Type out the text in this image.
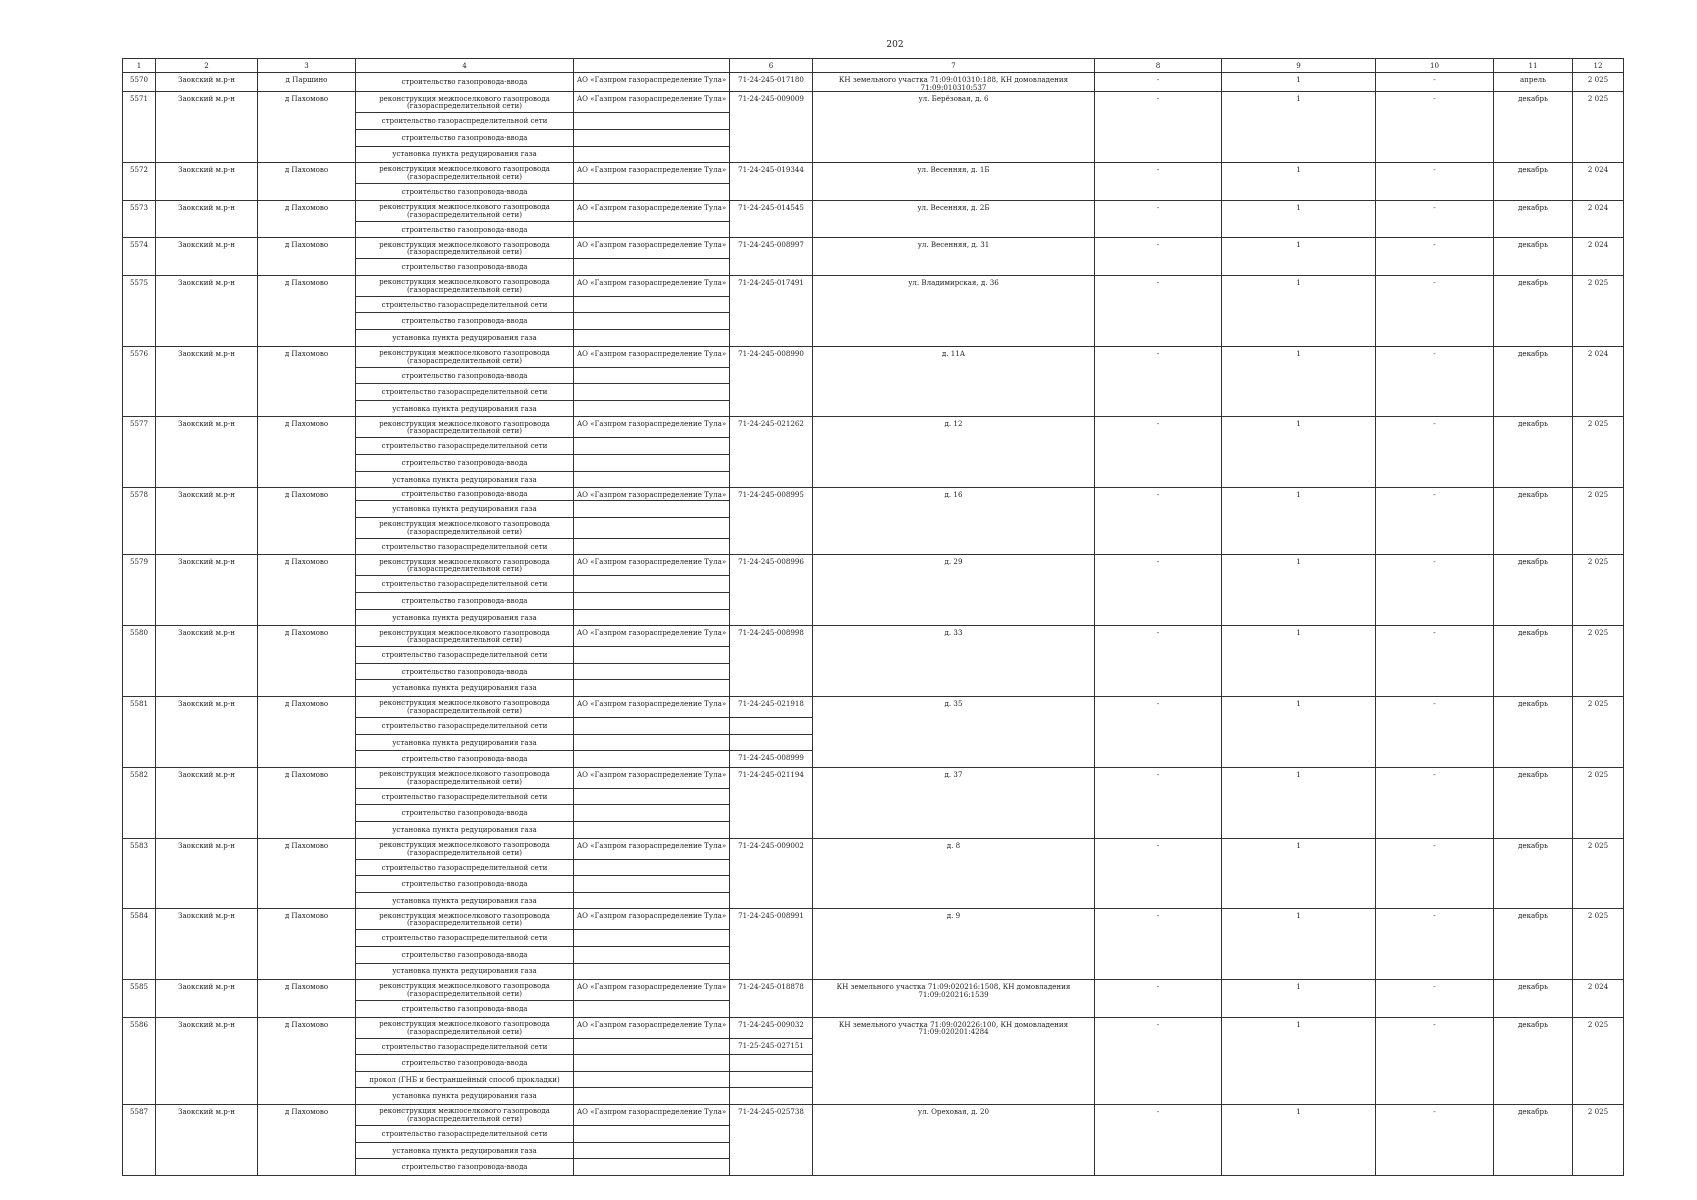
202
1	2	3	4		6	7	8	9	10	11	12
5570	Заокский м.р-н	д Паршино	строительство газопровода-ввода	АО «Газпром газораспределение Тула»	71-24-245-017180	КН земельного участка 71:09:010310:188, КН домовладения 71:09:010310:537	-	1	-	апрель	2 025
5571	Заокский м.р-н	д Пахомово	реконструкция межпоселкового газопровода (газораспределительной сети)	АО «Газпром газораспределение Тула»	71-24-245-009009	ул. Берёзовая, д. 6	-	1	-	декабрь	2 025
			строительство газораспределительной сети								
			строительство газопровода-ввода								
			установка пункта редуцирования газа								
5572	Заокский м.р-н	д Пахомово	реконструкция межпоселкового газопровода (газораспределительной сети)	АО «Газпром газораспределение Тула»	71-24-245-019344	ул. Весенняя, д. 1Б	-	1	-	декабрь	2 024
			строительство газопровода-ввода								
5573	Заокский м.р-н	д Пахомово	реконструкция межпоселкового газопровода (газораспределительной сети)	АО «Газпром газораспределение Тула»	71-24-245-014545	ул. Весенняя, д. 2Б	-	1	-	декабрь	2 024
			строительство газопровода-ввода								
5574	Заокский м.р-н	д Пахомово	реконструкция межпоселкового газопровода (газораспределительной сети)	АО «Газпром газораспределение Тула»	71-24-245-008997	ул. Весенняя, д. 31	-	1	-	декабрь	2 024
			строительство газопровода-ввода								
5575	Заокский м.р-н	д Пахомово	реконструкция межпоселкового газопровода (газораспределительной сети)	АО «Газпром газораспределение Тула»	71-24-245-017491	ул. Владимирская, д. 36	-	1	-	декабрь	2 025
			строительство газораспределительной сети								
			строительство газопровода-ввода								
			установка пункта редуцирования газа								
5576	Заокский м.р-н	д Пахомово	реконструкция межпоселкового газопровода (газораспределительной сети)	АО «Газпром газораспределение Тула»	71-24-245-008990	д. 11А	-	1	-	декабрь	2 024
			строительство газопровода-ввода								
			строительство газораспределительной сети								
			установка пункта редуцирования газа								
5577	Заокский м.р-н	д Пахомово	реконструкция межпоселкового газопровода (газораспределительной сети)	АО «Газпром газораспределение Тула»	71-24-245-021262	д. 12	-	1	-	декабрь	2 025
			строительство газораспределительной сети								
			строительство газопровода-ввода								
			установка пункта редуцирования газа								
5578	Заокский м.р-н	д Пахомово	строительство газопровода-ввода	АО «Газпром газораспределение Тула»	71-24-245-008995	д. 16	-	1	-	декабрь	2 025
			установка пункта редуцирования газа								
			реконструкция межпоселкового газопровода (газораспределительной сети)								
			строительство газораспределительной сети								
5579	Заокский м.р-н	д Пахомово	реконструкция межпоселкового газопровода (газораспределительной сети)	АО «Газпром газораспределение Тула»	71-24-245-008996	д. 29	-	1	-	декабрь	2 025
			строительство газораспределительной сети								
			строительство газопровода-ввода								
			установка пункта редуцирования газа								
5580	Заокский м.р-н	д Пахомово	реконструкция межпоселкового газопровода (газораспределительной сети)	АО «Газпром газораспределение Тула»	71-24-245-008998	д. 33	-	1	-	декабрь	2 025
			строительство газораспределительной сети								
			строительство газопровода-ввода								
			установка пункта редуцирования газа								
5581	Заокский м.р-н	д Пахомово	реконструкция межпоселкового газопровода (газораспределительной сети)	АО «Газпром газораспределение Тула»	71-24-245-021918	д. 35	-	1	-	декабрь	2 025
			строительство газораспределительной сети								
			установка пункта редуцирования газа								
			строительство газопровода-ввода		71-24-245-008999						
5582	Заокский м.р-н	д Пахомово	реконструкция межпоселкового газопровода (газораспределительной сети)	АО «Газпром газораспределение Тула»	71-24-245-021194	д. 37	-	1	-	декабрь	2 025
			строительство газораспределительной сети								
			строительство газопровода-ввода								
			установка пункта редуцирования газа								
5583	Заокский м.р-н	д Пахомово	реконструкция межпоселкового газопровода (газораспределительной сети)	АО «Газпром газораспределение Тула»	71-24-245-009002	д. 8	-	1	-	декабрь	2 025
			строительство газораспределительной сети								
			строительство газопровода-ввода								
			установка пункта редуцирования газа								
5584	Заокский м.р-н	д Пахомово	реконструкция межпоселкового газопровода (газораспределительной сети)	АО «Газпром газораспределение Тула»	71-24-245-008991	д. 9	-	1	-	декабрь	2 025
			строительство газораспределительной сети								
			строительство газопровода-ввода								
			установка пункта редуцирования газа								
5585	Заокский м.р-н	д Пахомово	реконструкция межпоселкового газопровода (газораспределительной сети)	АО «Газпром газораспределение Тула»	71-24-245-018878	КН земельного участка 71:09:020216:1508, КН домовладения 71:09:020216:1539	-	1	-	декабрь	2 024
			строительство газопровода-ввода								
5586	Заокский м.р-н	д Пахомово	реконструкция межпоселкового газопровода (газораспределительной сети)	АО «Газпром газораспределение Тула»	71-24-245-009032	КН земельного участка 71:09:020226:100, КН домовладения 71:09:020201:4284	-	1	-	декабрь	2 025
			строительство газораспределительной сети		71-25-245-027151						
			строительство газопровода-ввода								
			прокол (ГНБ и бестраншейный способ прокладки)								
			установка пункта редуцирования газа								
5587	Заокский м.р-н	д Пахомово	реконструкция межпоселкового газопровода (газораспределительной сети)	АО «Газпром газораспределение Тула»	71-24-245-025738	ул. Ореховая, д. 20	-	1	-	декабрь	2 025
			строительство газораспределительной сети								
			установка пункта редуцирования газа								
			строительство газопровода-ввода								
